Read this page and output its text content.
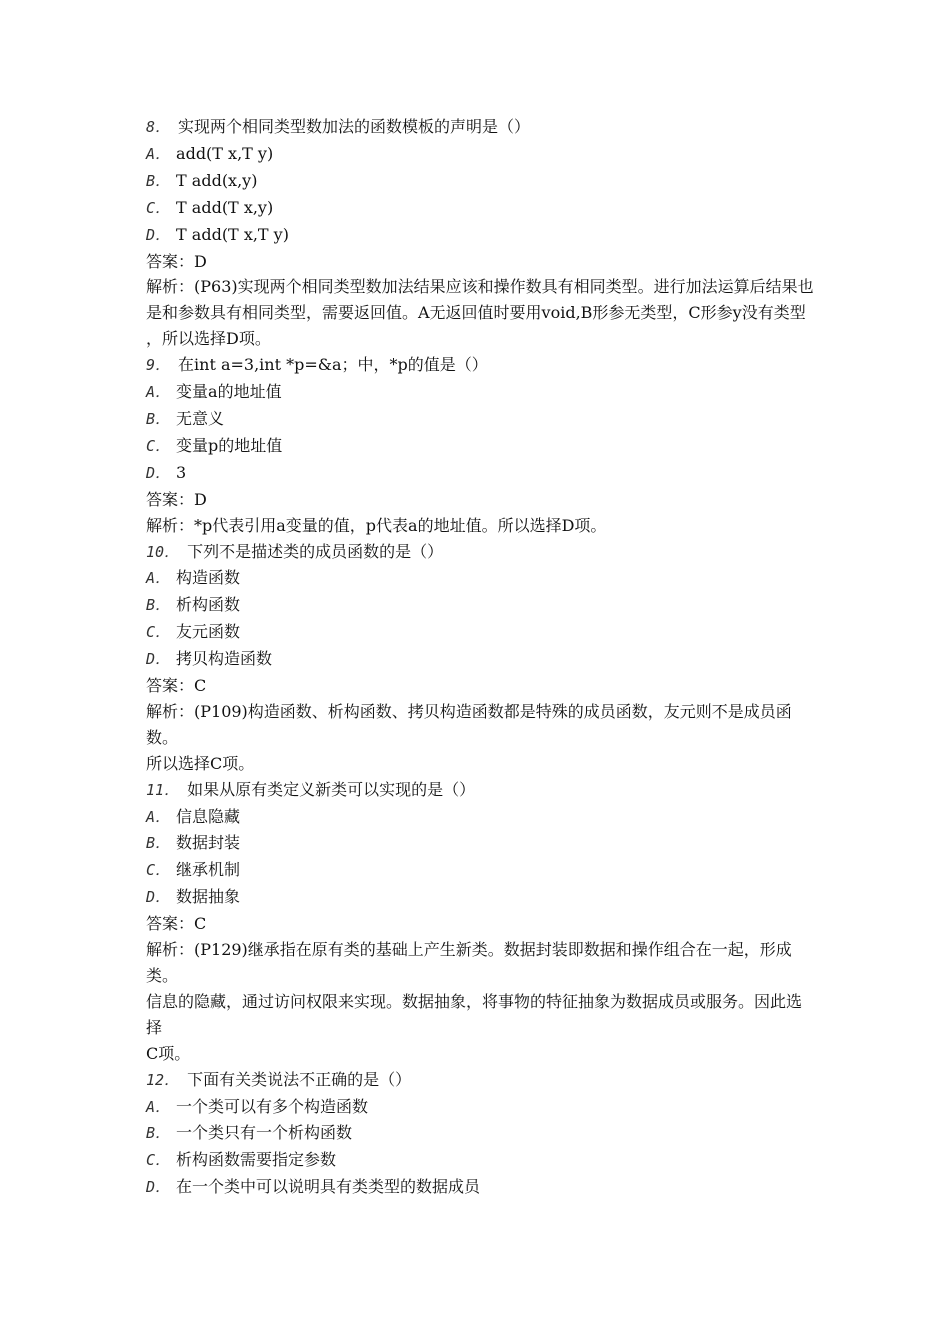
8． 实现两个相同类型数加法的函数模板的声明是（）
A． add(T x,T y)
B． T add(x,y)
C． T add(T x,y)
D． T add(T x,T y)
答案：D
解析：(P63)实现两个相同类型数加法结果应该和操作数具有相同类型。进行加法运算后结果也
是和参数具有相同类型，需要返回值。A无返回值时要用void,B形参无类型，C形参y没有类型
，所以选择D项。
9． 在int a=3,int *p=&a；中，*p的值是（）
A． 变量a的地址值
B． 无意义
C． 变量p的地址值
D． 3
答案：D
解析：*p代表引用a变量的值，p代表a的地址值。所以选择D项。
10． 下列不是描述类的成员函数的是（）
A． 构造函数
B． 析构函数
C． 友元函数
D． 拷贝构造函数
答案：C
解析：(P109)构造函数、析构函数、拷贝构造函数都是特殊的成员函数，友元则不是成员函数。
所以选择C项。
11． 如果从原有类定义新类可以实现的是（）
A． 信息隐藏
B． 数据封装
C． 继承机制
D． 数据抽象
答案：C
解析：(P129)继承指在原有类的基础上产生新类。数据封装即数据和操作组合在一起，形成类。
信息的隐藏，通过访问权限来实现。数据抽象，将事物的特征抽象为数据成员或服务。因此选择
C项。
12． 下面有关类说法不正确的是（）
A． 一个类可以有多个构造函数
B． 一个类只有一个析构函数
C． 析构函数需要指定参数
D． 在一个类中可以说明具有类类型的数据成员
